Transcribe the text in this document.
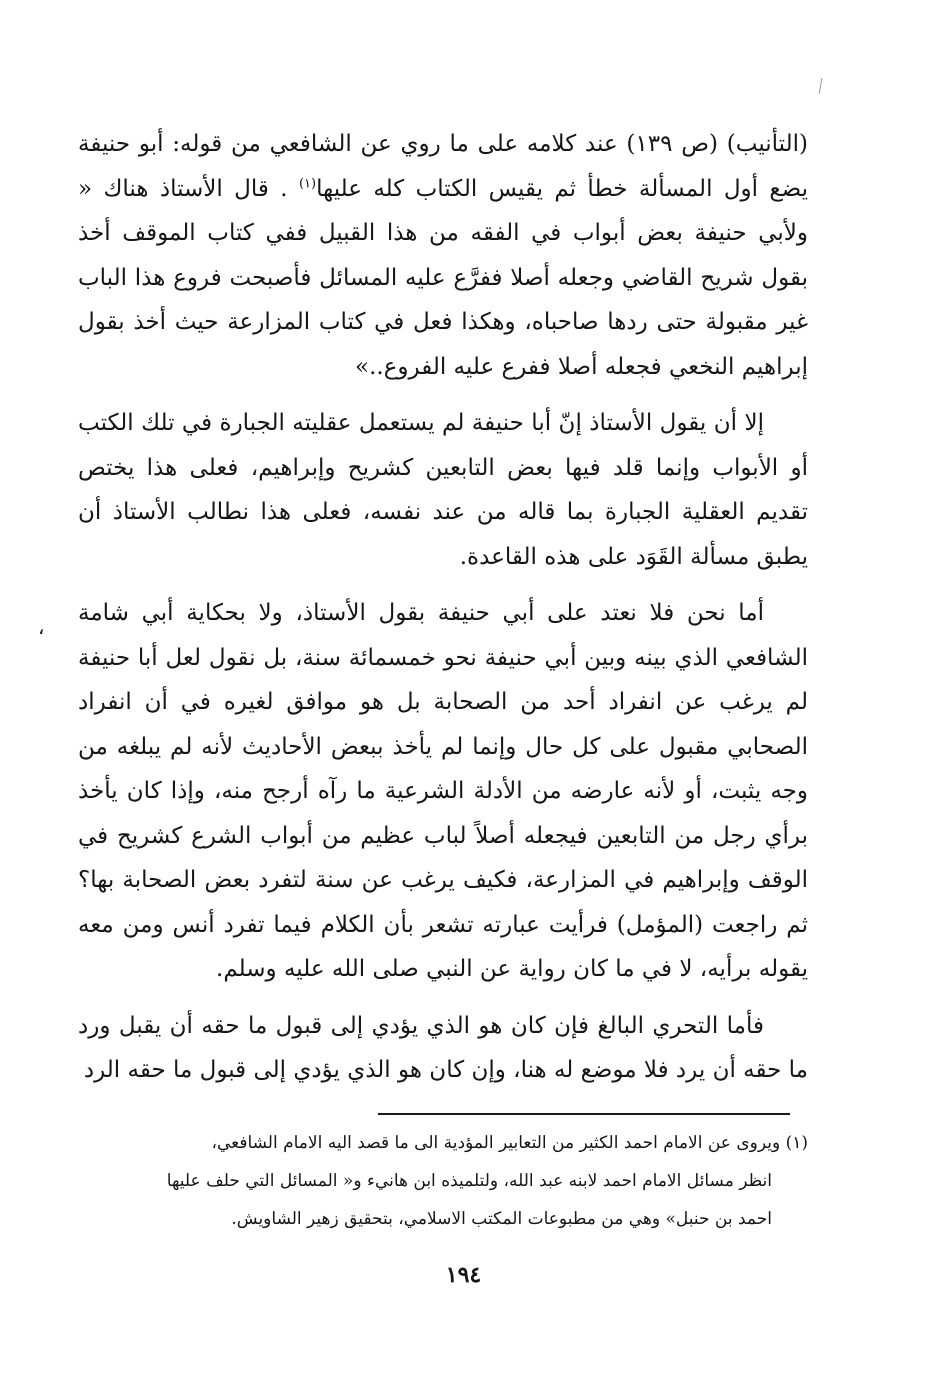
(التأنيب) (ص ١٣٩) عند كلامه على ما روي عن الشافعي من قوله: أبو حنيفة يضع أول المسألة خطأ ثم يقيس الكتاب كله عليها$^{(١)}$ . قال الأستاذ هناك « ولأبي حنيفة بعض أبواب في الفقه من هذا القبيل ففي كتاب الموقف أخذ بقول شريح القاضي وجعله أصلا ففرَّع عليه المسائل فأصبحت فروع هذا الباب غير مقبولة حتى ردها صاحباه، وهكذا فعل في كتاب المزارعة حيث أخذ بقول إبراهيم النخعي فجعله أصلا ففرع عليه الفروع..»

إلا أن يقول الأستاذ إنّ أبا حنيفة لم يستعمل عقليته الجبارة في تلك الكتب أو الأبواب وإنما قلد فيها بعض التابعين كشريح وإبراهيم، فعلى هذا يختص تقديم العقلية الجبارة بما قاله من عند نفسه، فعلى هذا نطالب الأستاذ أن يطبق مسألة القَوَد على هذه القاعدة.

أما نحن فلا نعتد على أبي حنيفة بقول الأستاذ، ولا بحكاية أبي شامة الشافعي الذي بينه وبين أبي حنيفة نحو خمسمائة سنة، بل نقول لعل أبا حنيفة لم يرغب عن انفراد أحد من الصحابة بل هو موافق لغيره في أن انفراد الصحابي مقبول على كل حال وإنما لم يأخذ ببعض الأحاديث لأنه لم يبلغه من وجه يثبت، أو لأنه عارضه من الأدلة الشرعية ما رآه أرجح منه، وإذا كان يأخذ برأي رجل من التابعين فيجعله أصلاً لباب عظيم من أبواب الشرع كشريح في الوقف وإبراهيم في المزارعة، فكيف يرغب عن سنة لتفرد بعض الصحابة بها؟ ثم راجعت (المؤمل) فرأيت عبارته تشعر بأن الكلام فيما تفرد أنس ومن معه يقوله برأيه، لا في ما كان رواية عن النبي صلى الله عليه وسلم.

فأما التحري البالغ فإن كان هو الذي يؤدي إلى قبول ما حقه أن يقبل ورد ما حقه أن يرد فلا موضع له هنا، وإن كان هو الذي يؤدي إلى قبول ما حقه الرد

،

(١) ويروى عن الامام احمد الكثير من التعابير المؤدية الى ما قصد اليه الامام الشافعي،

انظر مسائل الامام احمد لابنه عبد الله، ولتلميذه ابن هانيء و« المسائل التي حلف عليها

احمد بن حنبل» وهي من مطبوعات المكتب الاسلامي، بتحقيق زهير الشاويش.

١٩٤
